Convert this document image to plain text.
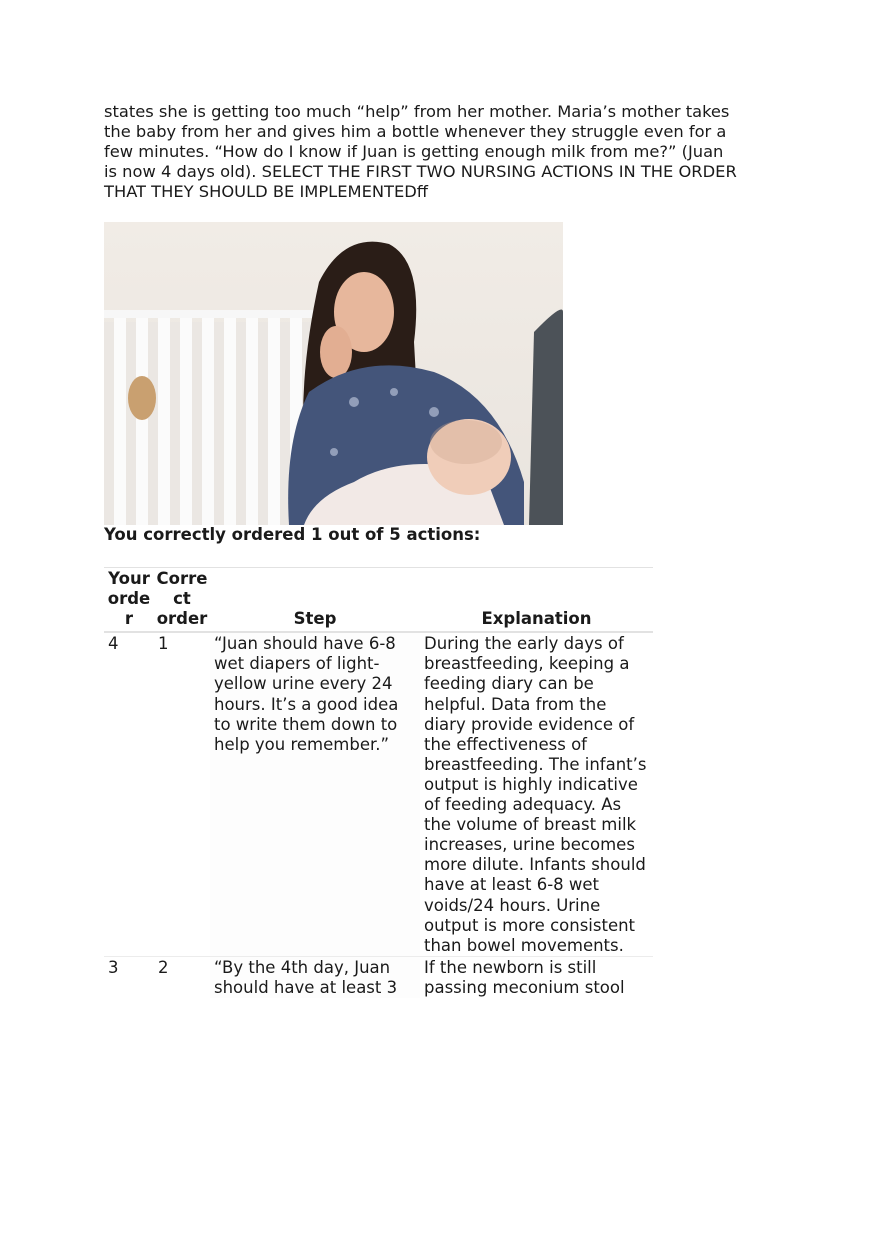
states she is getting too much “help” from her mother. Maria’s mother takes
the baby from her and gives him a bottle whenever they struggle even for a
few minutes. “How do I know if Juan is getting enough milk from me?” (Juan
is now 4 days old). SELECT THE FIRST TWO NURSING ACTIONS IN THE ORDER
THAT THEY SHOULD BE IMPLEMENTEDff

You correctly ordered 1 out of 5 actions:
Your
orde
r	Corre
ct
order	Step	Explanation
4	1	“Juan should have 6-8 wet diapers of light-yellow urine every 24 hours. It’s a good idea to write them down to help you remember.”	During the early days of breastfeeding, keeping a feeding diary can be helpful. Data from the diary provide evidence of the effectiveness of breastfeeding. The infant’s output is highly indicative of feeding adequacy. As the volume of breast milk increases, urine becomes more dilute. Infants should have at least 6-8 wet voids/24 hours. Urine output is more consistent than bowel movements.
3	2	“By the 4th day, Juan should have at least 3	If the newborn is still passing meconium stool
